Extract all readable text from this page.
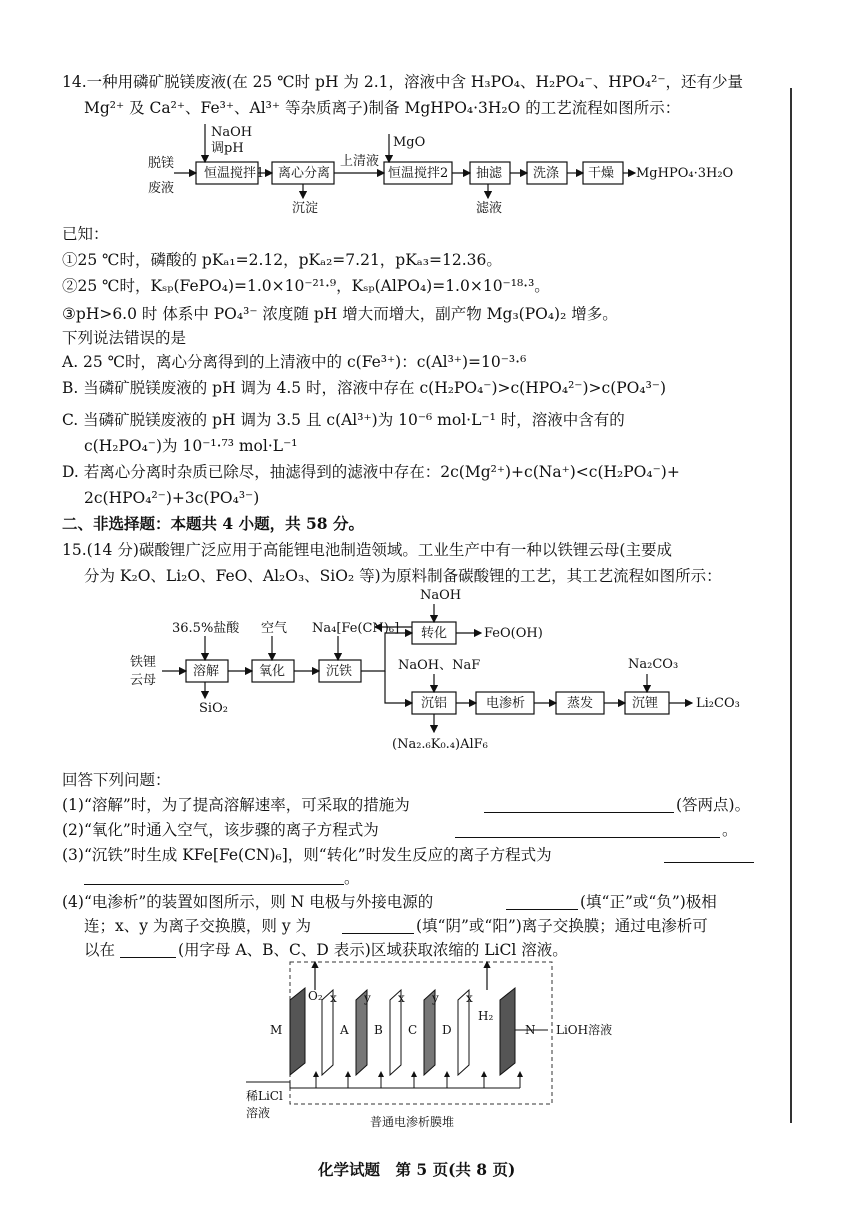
14.一种用磷矿脱镁废液(在 25 ℃时 pH 为 2.1，溶液中含 H₃PO₄、H₂PO₄⁻、HPO₄²⁻，还有少量
Mg²⁺ 及 Ca²⁺、Fe³⁺、Al³⁺ 等杂质离子)制备 MgHPO₄·3H₂O 的工艺流程如图所示：
脱镁
废液
NaOH
调pH
恒温搅拌1 离心分离
上清液
沉淀
MgO
恒温搅拌2 抽滤
滤液
洗涤 干燥 MgHPO₄·3H₂O
已知：
①25 ℃时，磷酸的 pKₐ₁=2.12，pKₐ₂=7.21，pKₐ₃=12.36。
②25 ℃时，Kₛₚ(FePO₄)=1.0×10⁻²¹·⁹，Kₛₚ(AlPO₄)=1.0×10⁻¹⁸·³。
③pH>6.0 时 体系中 PO₄³⁻ 浓度随 pH 增大而增大，副产物 Mg₃(PO₄)₂ 增多。
下列说法错误的是
A. 25 ℃时，离心分离得到的上清液中的 c(Fe³⁺)：c(Al³⁺)=10⁻³·⁶
B. 当磷矿脱镁废液的 pH 调为 4.5 时，溶液中存在 c(H₂PO₄⁻)>c(HPO₄²⁻)>c(PO₄³⁻)
C. 当磷矿脱镁废液的 pH 调为 3.5 且 c(Al³⁺)为 10⁻⁶ mol·L⁻¹ 时，溶液中含有的
c(H₂PO₄⁻)为 10⁻¹·⁷³ mol·L⁻¹
D. 若离心分离时杂质已除尽，抽滤得到的滤液中存在：2c(Mg²⁺)+c(Na⁺)<c(H₂PO₄⁻)+
2c(HPO₄²⁻)+3c(PO₄³⁻)
二、非选择题：本题共 4 小题，共 58 分。
15.(14 分)碳酸锂广泛应用于高能锂电池制造领域。工业生产中有一种以铁锂云母(主要成
分为 K₂O、Li₂O、FeO、Al₂O₃、SiO₂ 等)为原料制备碳酸锂的工艺，其工艺流程如图所示：
铁锂
云母
36.5%盐酸 空气 Na₄[Fe(CN)₆]
溶解	氧化	沉铁
SiO₂
NaOH
转化	FeO(OH)
NaOH、NaF
沉铝
(Na₂.₆K₀.₄)AlF₆
电渗析	蒸发
Na₂CO₃
沉锂	Li₂CO₃
回答下列问题：
(1)“溶解”时，为了提高溶解速率，可采取的措施为	(答两点)。
(2)“氧化”时通入空气，该步骤的离子方程式为	。
(3)“沉铁”时生成 KFe[Fe(CN)₆]，则“转化”时发生反应的离子方程式为
。
(4)“电渗析”的装置如图所示，则 N 电极与外接电源的	(填“正”或“负”)极相
连；x、y 为离子交换膜，则 y 为	(填“阴”或“阳”)离子交换膜；通过电渗析可
以在	(用字母 A、B、C、D 表示)区域获取浓缩的 LiCl 溶液。
M	N
O₂
H₂
x y x y x
A B C D	LiOH溶液
稀LiCl
溶液
普通电渗析膜堆
化学试题　第 5 页(共 8 页)
